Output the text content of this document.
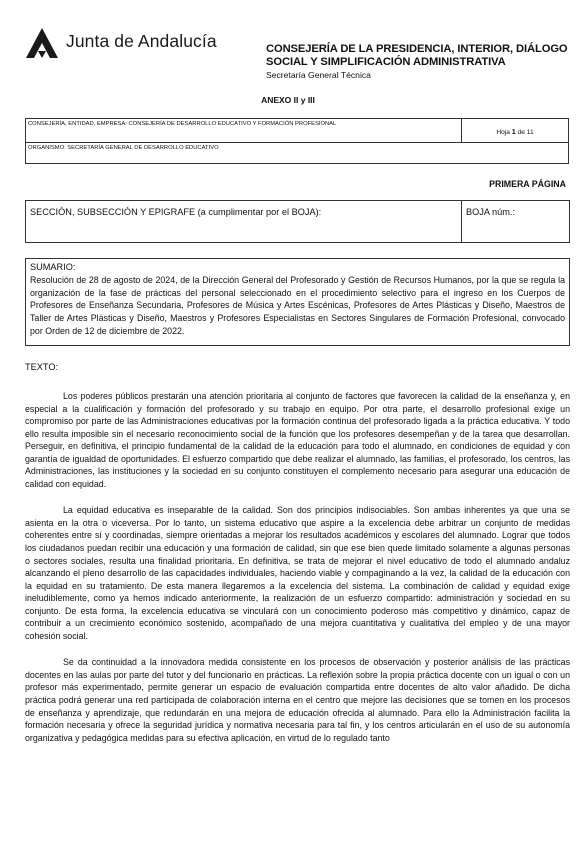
Junta de Andalucía	CONSEJERÍA DE LA PRESIDENCIA, INTERIOR, DIÁLOGO SOCIAL Y SIMPLIFICACIÓN ADMINISTRATIVA
Secretaría General Técnica
ANEXO II y III
CONSEJERÍA, ENTIDAD, EMPRESA: CONSEJERÍA DE DESARROLLO EDUCATIVO Y FORMACIÓN PROFESIONAL
Hoja 1 de 11
ORGANISMO: SECRETARÍA GENERAL DE DESARROLLO EDUCATIVO
PRIMERA PÁGINA
SECCIÓN, SUBSECCIÓN Y EPIGRAFE (a cumplimentar por el BOJA):	BOJA núm.:
SUMARIO:
Resolución de 28 de agosto de 2024, de la Dirección General del Profesorado y Gestión de Recursos Humanos, por la que se regula la organización de la fase de prácticas del personal seleccionado en el procedimiento selectivo para el ingreso en los Cuerpos de Profesores de Enseñanza Secundaria, Profesores de Música y Artes Escénicas, Profesores de Artes Plásticas y Diseño, Maestros de Taller de Artes Plásticas y Diseño, Maestros y Profesores Especialistas en Sectores Singulares de Formación Profesional, convocado por Orden de 12 de diciembre de 2022.
TEXTO:

Los poderes públicos prestarán una atención prioritaria al conjunto de factores que favorecen la calidad de la enseñanza y, en especial a la cualificación y formación del profesorado y su trabajo en equipo. Por otra parte, el desarrollo profesional exige un compromiso por parte de las Administraciones educativas por la formación continua del profesorado ligada a la práctica educativa. Y todo ello resulta imposible sin el necesario reconocimiento social de la función que los profesores desempeñan y de la tarea que desarrollan. Perseguir, en definitiva, el principio fundamental de la calidad de la educación para todo el alumnado, en condiciones de equidad y con garantía de igualdad de oportunidades. El esfuerzo compartido que debe realizar el alumnado, las familias, el profesorado, los centros, las Administraciones, las instituciones y la sociedad en su conjunto constituyen el complemento necesario para asegurar una educación de calidad con equidad.

La equidad educativa es inseparable de la calidad. Son dos principios indisociables. Son ambas inherentes ya que una se asienta en la otra o viceversa. Por lo tanto, un sistema educativo que aspire a la excelencia debe arbitrar un conjunto de medidas coherentes entre sí y coordinadas, siempre orientadas a mejorar los resultados académicos y escolares del alumnado. Lograr que todos los ciudadanos puedan recibir una educación y una formación de calidad, sin que ese bien quede limitado solamente a algunas personas o sectores sociales, resulta una finalidad prioritaria. En definitiva, se trata de mejorar el nivel educativo de todo el alumnado andaluz alcanzando el pleno desarrollo de las capacidades individuales, haciendo viable y compaginando a la vez, la calidad de la educación con la equidad en su tratamiento. De esta manera llegaremos a la excelencia del sistema. La combinación de calidad y equidad exige ineludiblemente, como ya hemos indicado anteriormente, la realización de un esfuerzo compartido: administración y sociedad en su conjunto. De esta forma, la excelencia educativa se vinculará con un conocimiento poderoso más competitivo y dinámico, capaz de contribuir a un crecimiento económico sostenido, acompañado de una mejora cuantitativa y cualitativa del empleo y de una mayor cohesión social.

Se da continuidad a la innovadora medida consistente en los procesos de observación y posterior análisis de las prácticas docentes en las aulas por parte del tutor y del funcionario en prácticas. La reflexión sobre la propia práctica docente con un igual o con un profesor más experimentado, permite generar un espacio de evaluación compartida entre docentes de alto valor añadido. De dicha práctica podrá generar una red participada de colaboración interna en el centro que mejore las decisiones que se tomen en los procesos de enseñanza y aprendizaje, que redundarán en una mejora de educación ofrecida al alumnado. Para ello la Administración facilita la formación necesaria y ofrece la seguridad jurídica y normativa necesaria para tal fin, y los centros articularán en el uso de su autonomía organizativa y pedagógica medidas para su efectiva aplicación, en virtud de lo regulado tanto
